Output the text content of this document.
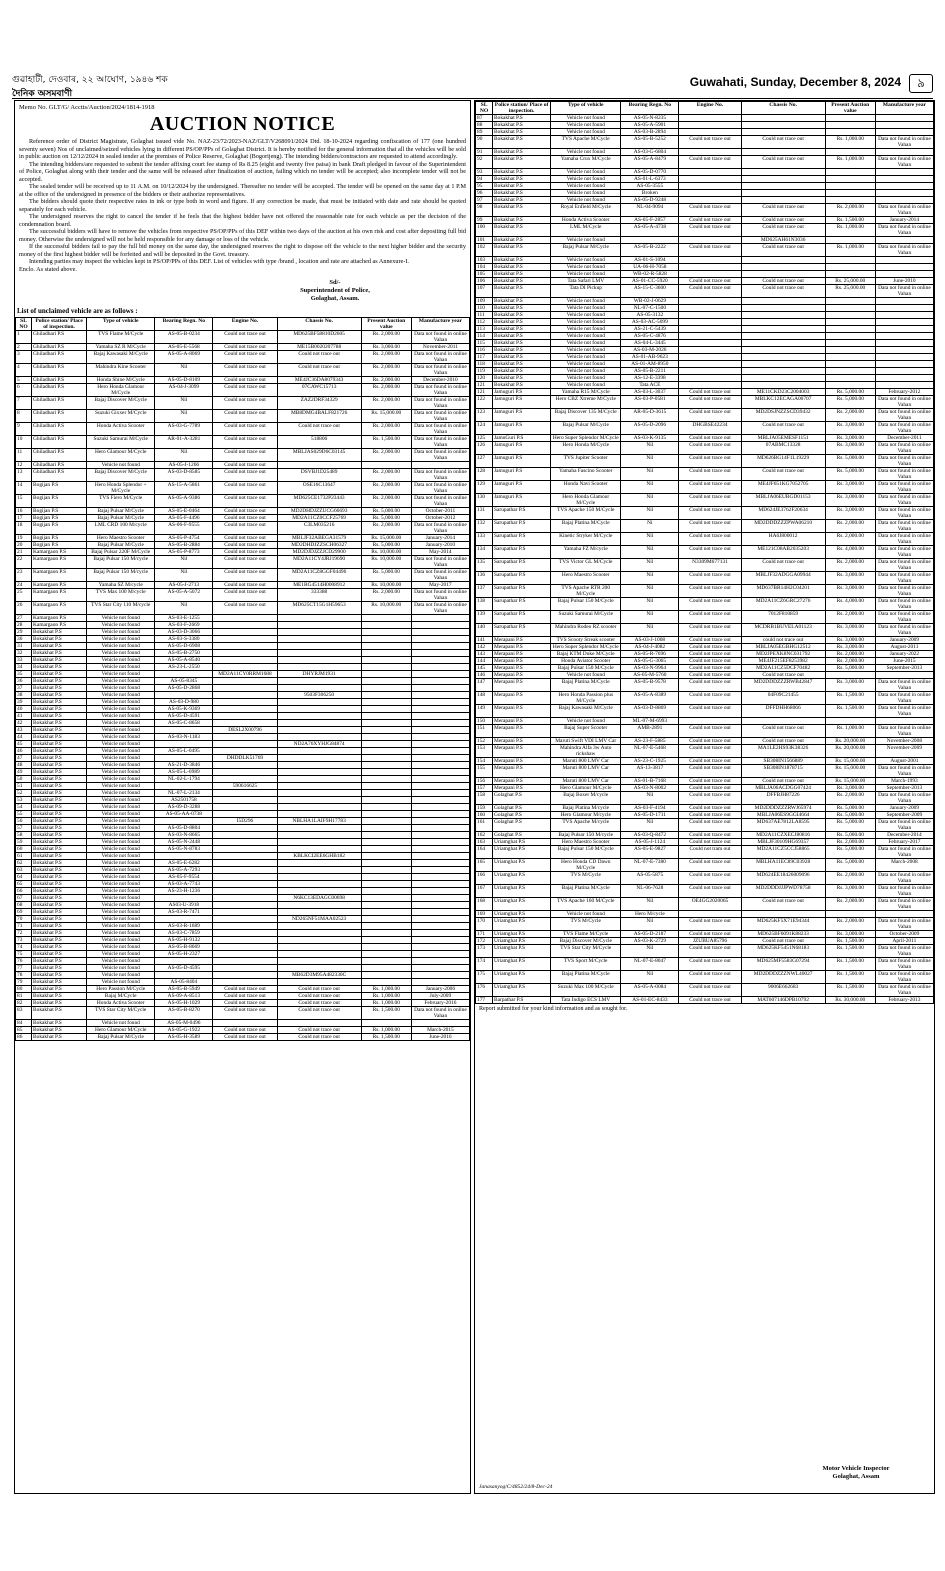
গুৱাহাটী, দেওবাৰ, ২২ আঘোণ, ১৯৪৬ শক
দৈনিক অসমবাণী
Guwahati, Sunday, December 8, 2024	৯
Memo No. GLT/G/ Acctts/Auction/2024/1814-1918
AUCTION NOTICE

Reference order of District Magistrate, Golaghat issued vide No. NAZ-23/72/2023-NAZ/GLT/V268091/2024 Dtd. 18-10-2024 regarding confiscation of 177 (one hundred seventy seven) Nos of unclaimed/seized vehicles lying in different PS/OP/PPs of Golaghat District. It is hereby notified for the general information that all the vehicles will be sold in public auction on 12/12/2024 in sealed tender at the premises of Police Reserve, Golaghat (Bogorijeng). The intending bidders/contractors are requested to attend accordingly.

The intending bidders/are requested to submit the tender affixing court fee stamp of Rs 8.25 (eight and twenty five paisa) in bank Draft pledged in favour of the Superintendent of Police, Golaghat along with their tender and the same will be released after finalization of auction, failing which no tender will be accepted; also incomplete tender will not be accepted.

The sealed tender will be received up to 11 A.M. on 10/12/2024 by the undersigned. Thereafter no tender will be accepted. The tender will be opened on the same day at 1 P.M at the office of the undersigned in presence of the bidders or their authorize representatives.

The bidders should quote their respective rates in ink or type both in word and figure. If any correction be made, that must be initiated with date and rate should be quoted separately for each vehicle.

The undersigned reserves the right to cancel the tender if he feels that the highest bidder have not offered the reasonable rate for each vehicle as per the decision of the condemnation board.

The successful bidders will have to remove the vehicles from respective PS/OP/PPs of this DEF within two days of the auction at his own risk and cost after depositing full bid money. Otherwise the undersigned will not be held responsible for any damage or loss of the vehicle.

If the successful bidders fail to pay the full bid money on the same day, the undersigned reserves the right to dispose off the vehicle to the next higher bidder and the security money of the first highest bidder will be forfeited and will be deposited in the Govt. treasury.

Intending parties may inspect the vehicles kept in PS/OP/PPs of this DEF. List of vehicles with type /brand , location and rate are attached as Annexure-I.

Enclo. As stated above.

Sd/-
Superintendent of Police,
Golaghat, Assam.
List of unclaimed vehicle are as follows :
SL NO	Police station/ Place of inspection.	Type of vehicle	Bearing Regn. No	Engine No.	Chassis No.	Present Auction value	Manufacture year
1	Ghiladhari P.S	TVS Flame M/Cycle	AS-05-B-0234	Could not trace out	MD625BF58810D2605	Rs. 2,000.00	Data not found in online Vahan
2	Ghiladhari P.S	Yamaha SZ R M/Cycle	AS-05-E-5568	Could not trace out	ME15B0020207788	Rs. 3,000.00	November-2011
3	Ghiladhari P.S	Bajaj Kawasaki M/Cycle	AS-05-A-8069	Could not trace out	Could not trace out	Rs. 2,000.00	Data not found in online Vahan
4	Ghiladhari P.S	Mahindra Kine Scooter	Nil	Could not trace out	Could not trace out	Rs. 2,000.00	Data not found in online Vahan
5	Ghiladhari P.S	Honda Shine M/Cycle	AS-05-D-8109	Could not trace out	ME4JC36DA8079343	Rs. 2,000.00	December-2010
6	Ghiladhari P.S	Hero Honda Glamour M/Cycle	AS-04-J-3099	Could not trace out	07CAWC15713	Rs. 2,000.00	Data not found in online Vahan
7	Ghiladhari P.S	Bajaj Discover M/Cycle	Nil	Could not trace out	ZAZ2DRF34329	Rs. 2,000.00	Data not found in online Vahan
8	Ghiladhari P.S	Suzuki Gixxer M/Cycle	Nil	Could not trace out	MB8DMG4BALF821726	Rs. 15,000.00	Data not found in online Vahan
9	Ghiladhari P.S	Honda Activa Scooter	AS-03-G-7789	Could not trace out	Could not trace out	Rs. 2,000.00	Data not found in online Vahan
10	Ghiladhari P.S	Suzuki Samurai M/Cycle	AR-01-A-3281	Could not trace out	518806	Rs. 1,500.00	Data not found in online Vahan
11	Ghiladhari P.S	Hero Glamour M/Cycle	Nil	Could not trace out	MBLJAS029D6C03145	Rs. 2,000.00	Data not found in online Vahan
12	Ghiladhari P.S	Vehicle not found	AS-05-J-1266	Could not trace out			
13	Ghiladhari P.S	Bajaj Discover M/Cycle	AS-03-D-8585	Could not trace out	DSVBJ1D25489	Rs. 2,000.00	Data not found in online Vahan
14	Bogijan P.S	Hero Honda Splendor + M/Cycle	AS-15-A-5861	Could not trace out	OSE16C13647	Rs. 2,000.00	Data not found in online Vahan
15	Bogijan P.S	TVS Fiero M/Cycle	AS-05-A-9386	Could not trace out	MD625CE1732P23443	Rs. 2,000.00	Data not found in online Vahan
16	Bogijan P.S	Bajaj Pulsar M/Cycle	AS-05-E-0464	Could not trace out	MD2DHDJZZUCG66693	Rs. 5,000.00	October-2011
17	Bogijan P.S	Bajaj Pulsar M/Cycle	AS-05-F-4496	Could not trace out	MD2A11CZ0CCF25769	Rs. 5,000.00	October-2012
18	Bogijan P.S	LML CRD 100 M/cycle	AS-06-F-9555	Could not trace out	C3LM035216	Rs. 2,000.00	Data not found in online Vahan
19	Bogijan P.S	Hero Maestro Scooter	AS-05-P-4754	Could not trace out	MBLJF32ABEGA31579	Rs. 15,000.00	January-2014
20	Bogijan P.S	Bajaj Pulsar M/Cycle	AS-05-B-2884	Could not trace out	MD2DHDJZZSCH06327	Rs. 5,000.00	January-2010
21	Kamargaon P.S	Bajaj Pulsar 220F M/Cycle	AS-05-P-8773	Could not trace out	MD2DJDJZZJCD29900	Rs. 10,000.00	May-2014
22	Kamargaon P.S	Bajaj Pulsar 150 M/cycle	Nil	Could not trace out	MD2A11CY4JRJ19690	Rs. 10,000.00	Data not found in online Vahan
23	Kamargaon P.S	Bajaj Pulsar 150 M/cycle	Nil	Could not trace out	MD2A11CZ8GGF04496	Rs. 5,000.00	Data not found in online Vahan
24	Kamargaon P.S	Yamaha SZ M/cycle	AS-05-J-2713	Could not trace out	ME1RG4514H0008912	Rs. 10,000.00	May-2017
25	Kamargaon P.S	TVS Max 100 M/cycle	AS-05-A-5072	Could not trace out	333388	Rs. 2,000.00	Data not found in online Vahan
26	Kamargaon P.S	TVS Star City 110 M/cycle	Nil	Could not trace out	MD625CT15G1H59653	Rs. 10,000.00	Data not found in online Vahan
27	Kamargaon P.S	Vehicle not found	AS-03-E-1255				
28	Kamargaon P.S	Vehicle not found	AS-03-F-2669				
29	Bokakhat P.S	Vehicle not found	AS-03-D-3066				
30	Bokakhat P.S	Vehicle not found	AS-03-S-3380				
31	Bokakhat P.S	Vehicle not found	AS-05-D-6908				
32	Bokakhat P.S	Vehicle not found	AS-05-B-2750				
33	Bokakhat P.S	Vehicle not found	AS-05-A-8540				
34	Bokakhat P.S	Vehicle not found	AS-23-L-2550				
35	Bokakhat P.S	Vehicle not found		MD2A11CY0RRM1688	DHYRJM1931		
36	Bokakhat P.S	Vehicle not found	AS-05-8345				
37	Bokakhat P.S	Vehicle not found	AS-05-D-2868				
38	Bokakhat P.S	Vehicle not found			9503F306250		
39	Bokakhat P.S	Vehicle not found	AS-03-D-980				
40	Bokakhat P.S	Vehicle not found	AS-05-K-9369				
41	Bokakhat P.S	Vehicle not found	AS-05-D-4591				
42	Bokakhat P.S	Vehicle not found	AS-05-C-8658				
43	Bokakhat P.S	Vehicle not found		DESL2X00796			
44	Bokakhat P.S	Vehicle not found	AS-03-N-1183				
45	Bokakhat P.S	Vehicle not found			ND2A76XYHJG84874		
46	Bokakhat P.S	Vehicle not found	AS-05-L-0495				
47	Bokakhat P.S	Vehicle not found		DHDDLK51769			
48	Bokakhat P.S	Vehicle not found	AS-21-D-3846				
49	Bokakhat P.S	Vehicle not found	AS-05-L-6989				
50	Bokakhat P.S	Vehicle not found	NL-02-L-1794				
51	Bokakhat P.S	Vehicle not found		590616625			
52	Bokakhat P.S	Vehicle not found	NL-07-L-2134				
53	Bokakhat P.S	Vehicle not found	AS2501758				
54	Bokakhat P.S	Vehicle not found	AS-09-D-3288				
55	Bokakhat P.S	Vehicle not found	AS-05-AA-0738				
56	Bokakhat P.S	Vehicle not found		I5D296	NBLHA1LAIF9H17783		
57	Bokakhat P.S	Vehicle not found	AS-05-D-8804				
58	Bokakhat P.S	Vehicle not found	AS-03-N-8665				
59	Bokakhat P.S	Vehicle not found	AS-05-N-2448				
60	Bokakhat P.S	Vehicle not found	AS-05-N-8783				
61	Bokakhat P.S	Vehicle not found			KBLKCI2EE6GHB182		
62	Bokakhat P.S	Vehicle not found	AS-05-E-6282				
63	Bokakhat P.S	Vehicle not found	AS-05-A-7293				
64	Bokakhat P.S	Vehicle not found	AS-05-F-9554				
65	Bokakhat P.S	Vehicle not found	AS-03-A-7743				
66	Bokakhat P.S	Vehicle not found	AS-23-H-1236				
67	Bokakhat P.S	Vehicle not found			N6KC13EDAGC00698		
68	Bokakhat P.S	Vehicle not found	AS03-U-3918				
69	Bokakhat P.S	Vehicle not found	AS-03-R-7471				
70	Bokakhat P.S	Vehicle not found			ND265NF51MAA02523		
71	Bokakhat P.S	Vehicle not found	AS-03-R-1689				
72	Bokakhat P.S	Vehicle not found	AS-03-C-7859				
73	Bokakhat P.S	Vehicle not found	AS-05-H-9132				
74	Bokakhat P.S	Vehicle not found	AS-05-B-8669				
75	Bokakhat P.S	Vehicle not found	AS-05-H-2327				
76	Bokakhat P.S	Vehicle not found					
77	Bokakhat P.S	Vehicle not found	AS-05-D-4595				
78	Bokakhat P.S	Vehicle not found			MB62D3M95A482330C		
79	Bokakhat P.S	Vehicle not found	AS-05-8404				
80	Bokakhat P.S	Hero Passion M/Cycle	AS-05-B-5949	Could not trace out	Could not trace out	Rs. 1,000.00	January-2006
81	Bokakhat P.S	Bajaj M/Cycle	AS-09-A-8513	Could not trace out	Could not trace out	Rs. 1,000.00	July-2009
82	Bokakhat P.S	Honda Activa Scooter	AS-05-H-1029	Could not trace out	Could not trace out	Rs. 1,000.00	February-2016
83	Bokakhat P.S	TVS Star City M/Cycle	AS-05-B-8270	Could not trace out	Could not trace out	Rs. 1,500.00	Data not found in online Vahan
84	Bokakhat P.S	Vehicle not found	AS-05-M-0496				
85	Bokakhat P.S	Hero Glamour M/Cycle	AS-05-G-1922	Could not trace out	Could not trace out	Rs. 1,000.00	March-2015
86	Bokakhat P.S	Bajaj Pulsar M/Cycle	AS-05-H-3589	Could not trace out	Could not trace out	Rs. 1,500.00	June-2016
SL NO	Police station/ Place of inspection.	Type of vehicle	Bearing Regn. No	Engine No.	Chassis No.	Present Auction value	Manufacture year
87	Bokakhat P.S	Vehicle not found	AS-05-N-8235				
88	Bokakhat P.S	Vehicle not found	AS-05-A-5901				
89	Bokakhat P.S	Vehicle not found	AS-03-B-2894				
90	Bokakhat P.S	TVS Apache M/Cycle	AS-05-B-5252	Could not trace out	Could not trace out	Rs. 1,000.00	Data not found in online Vahan
91	Bokakhat P.S	Vehicle not found	AS-03-G-6804				
92	Bokakhat P.S	Yamaha Crux M/Cycle	AS-05-A-8479	Could not trace out	Could not trace out	Rs. 1,000.00	Data not found in online Vahan
93	Bokakhat P.S	Vehicle not found	AS-05-D-0770				
94	Bokakhat P.S	Vehicle not found	AS-01-L-6373				
95	Bokakhat P.S	Vehicle not found	AS-05-3555				
96	Bokakhat P.S	Vehicle not found	Broken				
97	Bokakhat P.S	Vehicle not found	AS-05-D-9248				
98	Bokakhat P.S	Royal Enfield M/Cycle	NL-04-9094	Could not trace out	Could not trace out	Rs. 2,000.00	Data not found in online Vahan
99	Bokakhat P.S	Honda Activa Scooter	AS-05-F-2857	Could not trace out	Could not trace out	Rs. 1,500.00	January-2014
100	Bokakhat P.S	LML M/Cycle	AS-05-A-4738	Could not trace out	Could not trace out	Rs. 1,000.00	Data not found in online Vahan
101	Bokakhat P.S	Vehicle not found			MD625AH61N3036		
102	Bokakhat P.S	Bajaj Pulsar M/Cycle	AS-05-B-2222	Could not trace out	Could not trace out	Rs. 1,000.00	Data not found in online Vahan
103	Bokakhat P.S	Vehicle not found	AS-01-S-1094				
104	Bokakhat P.S	Vehicle not found	UA-06-H-7058				
105	Bokakhat P.S	Vehicle not found	WB-02-R-5828				
106	Bokakhat P.S	Tata Safari LMV	AS-01-CC-5920	Could not trace out	Could not trace out	Rs. 25,000.00	June-2010
107	Bokakhat P.S	Tata DI Pickup	AS-15-C-3600	Could not trace out	Could not trace out	Rs. 25,000.00	Data not found in online Vahan
109	Bokakhat P.S	Vehicle not found	WB-02-J-0629				
110	Bokakhat P.S	Vehicle not found	NL-07-C-1500				
111	Bokakhat P.S	Vehicle not found	AS-05-3132				
112	Bokakhat P.S	Vehicle not found	AS-03-AC-5099				
113	Bokakhat P.S	Vehicle not found	AS-21-C-5439				
114	Bokakhat P.S	Vehicle not found	AS-05-C-4876				
115	Bokakhat P.S	Vehicle not found	AS-04-L-3445				
116	Bokakhat P.S	Vehicle not found	AS-03-M-2026				
117	Bokakhat P.S	Vehicle not found	AS-01-AB-9623				
118	Bokakhat P.S	Vehicle not found	AS-01-AM-8950				
119	Bokakhat P.S	Vehicle not found	AS-05-B-2211				
120	Bokakhat P.S	Vehicle not found	AS-12-E-3398				
121	Bokakhat P.S	Vehicle not found	Tata ACE				
121	Jamuguri P.S	Yamaha R15 M/Cycle	AS-03-L-3037	Could not trace out	ME11CKD23C2004003	Rs. 5,000.00	February-2012
122	Jamuguri P.S	Hero CBZ Xtreme M/Cycle	AS-03-P-0581	Could not trace out	MBLKC12ECAGA00707	Rs. 5,000.00	Data not found in online Vahan
123	Jamuguri P.S	Bajaj Discover 135 M/Cycle	AR-05-D-3615	Could not trace out	MD2DSJNZZSCD39432	Rs. 2,000.00	Data not found in online Vahan
124	Jamuguri P.S	Bajaj Pulsar M/Cycle	AS-05-D-2096	DHGBSE42234	Could not trace out	Rs. 3,000.00	Data not found in online Vahan
125	JamuGuri P.S	Hero Super Splendor M/Cycle	AS-03-K-9135	Could not trace out	MBLJA05EMESF1151	Rs. 3,000.00	December-2011
126	Jamuguri P.S	Hero Honda M/Cycle	Nil	Could not trace out	07ABMC13328	Rs. 3,000.00	Data not found in online Vahan
127	Jamuguri P.S	TVS Jupiter Scooter	Nil	Could not trace out	MD626BG14F1L19229	Rs. 5,000.00	Data not found in online Vahan
128	Jamuguri P.S	Yamaha Fascino Scooter	Nil	Could not trace out	Could not trace out	Rs. 5,000.00	Data not found in online Vahan
129	Jamuguri P.S	Honda Navi Scooter	Nil	Could not trace out	ME4JF651KG7052705	Rs. 3,000.00	Data not found in online Vahan
130	Jamuguri P.S	Hero Honda Glamour M/Cycle	Nil	Could not trace out	MBLJA06EUBGD01153	Rs. 3,000.00	Data not found in online Vahan
131	Sarupathar P.S	TVS Apache 150 M/Cycle	Nil	Could not trace out	MD624JE3762F20634	Rs. 3,000.00	Data not found in online Vahan
132	Sarupathar P.S	Bajaj Platina M/Cycle	Ni	Could not trace out	MD2DDDZZZPWA06210	Rs. 2,000.00	Data not found in online Vahan
133	Sarupathar P.S	Kinetic Stryker M/Cycle	Nil	Could not trace out	HA6J800012	Rs. 2,000.00	Data not found in online Vahan
134	Sarupathar P.S	Yamaha FZ M/cycle	Nil	Could not trace out	ME121C08AB2035203	Rs. 4,000.00	Data not found in online Vahan
135	Sarupathar P.S	TVS Victor GL M/Cycle	Nil	N3309M677131	Could not trace out	Rs. 2,000.00	Data not found in online Vahan
136	Sarupathar P.S	Hero Maestro Scooter	Nil	Could not trace out	MBLJF32ADGGA09944	Rs. 3,000.00	Data not found in online Vahan
137	Sarupathar P.S	TVS Apache RTR 200 M/Cycle	Nil	Could not trace out	MD637BR14H2C04201	Rs. 3,000.00	Data not found in online Vahan
138	Sarupathar P.S	Bajaj Pulsar 150 M/Cycle	Nil	Could not trace out	MD2A11CZ6GRC27276	Rs. 4,000.00	Data not found in online Vahan
139	Sarupathar P.S	Suzuki Samurai M/Cycle	Nil	Could not trace out	7012F810859	Rs. 2,000.00	Data not found in online Vahan
140	Sarupathar P.S	Mahindra Rodeo RZ scooter	Nil	Could not trace out	MCDRB1BUVELA01123	Rs. 3,000.00	Data not found in online Vahan
141	Merapani P.S	TVS Scooty Streak scooter	AS-03-J-1008	Could not trace out	could not trace out	Rs. 3,000.00	January-2009
142	Merapani P.S	Hero Super Splendor M/Cycle	AS-04-J-4082	Could not trace out	MBLJA05EGBHG12512	Rs. 3,000.00	August-2011
143	Merapani P.S	Bajaj KTM Duke M/Cycle	AS-05-R-7696	Could not trace out	MD2JPEXK8NC031792	Rs. 2,000.00	January-2022
144	Merapani P.S	Honda Aviator Scooter	AS-05-G-3065	Could not trace out	ME4JF215EF8253982	Rs. 2,000.00	June-2015
145	Merapani P.S	Bajaj Pulsar 150 M/Cycle	AS-03-N-9964	Could not trace out	MD2A11CZ5DCF70482	Rs. 5,000.00	September-2013
146	Merapani P.S	Vehicle not found	AS-05-M-5760	Could not trace out	Could not trace out		
147	Merapani P.S	Bajaj Platina M/Cycle	AS-05-B-9578	Could not trace out	MD2DDDZZZRWB42847	Rs. 3,000.00	Data not found in online Vahan
148	Merapani P.S	Hero Honda Passion plus M/Cycle	AS-05-A-8389	Could not trace out	04F09C21455	Rs. 1,500.00	Data not found in online Vahan
149	Merapani P.S	Bajaj Kawasaki M/Cycle	AS-03-D-8869	Could not trace out	DFFDHH68066	Rs. 1,500.00	Data not found in online Vahan
150	Merapani P.S	Vehicle not found	ML-07-M-6993				
151	Merapani P.S	Bajaj Super Scooter	AMB-2891	Could not trace out	Could not trace out	Rs. 1,000.00	Data not found in online Vahan
152	Merapani P.S	Maruti Swift VDI LMV Car	AS-23-F-5885	Could not trace out	Could not trace out	Rs. 20,000.00	November-2008
153	Merapani P.S	Mahindra Alfa 3w Auto rickshaw	NL-07-E-5468	Could not trace out	MA1LE2HS93K38326	Rs. 20,000.00	November-2009
154	Merapani P.S	Maruti 800 LMV Car	AS-23-C-1925	Could not trace out	SB308IN1566889	Rs. 15,000.00	August-2001
155	Merapani P.S	Maruti 800 LMV Car	AS-13-3817	Could not trace out	SB308IN1878715	Rs. 15,000.00	Data not found in online Vahan
156	Merapani P.S	Maruti 800 LMV Car	AS-01-B-7168	Could not trace out	Could not trace out	Rs. 15,000.00	March-1993
157	Merapani P.S	Hero Glamour M/Cycle	AS-03-N-8002	Could not trace out	MBLJA06ACDGG07424	Rs. 3,000.00	September-2013
158	Golaghat P.S	Bajaj Boxer M/cycle	Nil	Could not trace out	DFFBJH87226	Rs. 2,000.00	Data not found in online Vahan
159	Golaghat P.S	Bajaj Platina M/cycle	AS-03-F-4194	Could not trace out	MD2DDDZZZRWJ65974	Rs. 5,000.00	January-2009
160	Golaghat P.S	Hero Glamour M/cycle	AS-05-D-1711	Could not trace out	MBLJA06ES9GGI4664	Rs. 5,000.00	September-2009
161	Golaghat P.S	TVS Apache M/cycle	Nil	Could not trace out	MD637AE7812LA8595	Rs. 5,000.00	Data not found in online Vahan
162	Golaghat P.S	Bajaj Pulsar 150 M/cycle	AS-03-Q-8472	Could not trace out	MD2A11CZXECJ80816	Rs. 5,000.00	December-2014
163	Uriamghat P.S	Hero Maestro Scooter	AS-05-J-1124	Could not trace out	MBLJF30109HG69357	Rs. 2,000.00	February-2017
164	Uriamghat P.S	Bajaj Pulsar 150 M/Cycle	AS-05-E-9827	Could not tram out	MD2A11CZ5CCJ58865	Rs. 5,000.00	Data not found in online Vahan
165	Uriamghat P.S	Hero Honda CD Dawn M/Cycle	NL-07-E-7380	Could not trace out	MBLHA11EC89C03928	Rs. 5,000.00	March-2008
166	Uriamghat P.S	TVS M/Cycle	AS-05-5875	Could not trace out	MD624EE18426009096	Rs. 2,000.00	Data not found in online Vahan
167	Uriamghat P.S	Bajaj Platina M/Cycle	NL-06-7628	Could not trace out	MD2DDDJJJPWD78758	Rs. 3,000.00	Data not found in online Vahan
168	Uriamghat P.S	TVS Apache 160 M/Cycle	Nil	OE4GG2020065	Could not trace out	Rs. 2,000.00	Data not found in online Vahan
169	Uriamghat P.S	Vehicle not found	Hero M/cycle				
170	Uriamghat P.S	TVS M/Cycle	Nil	Could not trace out	MD625KF5X71E94344	Rs. 2,000.00	Data not found in online Vahan
171	Uriamghat P.S	TVS Flame M/Cycle	AS-05-D-2187	Could not trace out	MD625BF6091K88233	Rs. 3,000.00	October-2009
172	Uriamghat P.S	Bajaj Discover M/Cycle	AS-03-K-2729	JZUBUA85796	Could not trace out	Rs. 1,500.00	April-2011
173	Uriamghat P.S	TVS Star City M/Cycle	Nil	Could not trace out	MD625KF5451N68183	Rs. 1,500.00	Data not found in online Vahan
174	Uriamghat P.S	TVS Sport M/Cycle	NL-07-E-8047	Could not trace out	MD625MF5583G07294	Rs. 1,500.00	Data not found in online Vahan
175	Uriamghat P.S	Bajaj Platina M/Cycle	Nil	Could not trace out	MD2DDDZZZNWL40027	Rs. 1,500.00	Data not found in online Vahan
176	Uriamghat P.S	Suzuki Max 100 M/Cycle	AS-05-A-0084	Could not trace out	9006E662683	Rs. 1,500.00	Data not found in online Vahan
177	Barpathar P.S	Tata Indigo ECS LMV	AS-01-EC-8433	Could not trace out	MAT607146DPB10792	Rs. 30,000.00	February-2013
Report submitted for your kind information and as sought for.
Motor Vehicle Inspector
Golaghat, Assam
Janasanyog/C/4852/24/8-Dec-24
